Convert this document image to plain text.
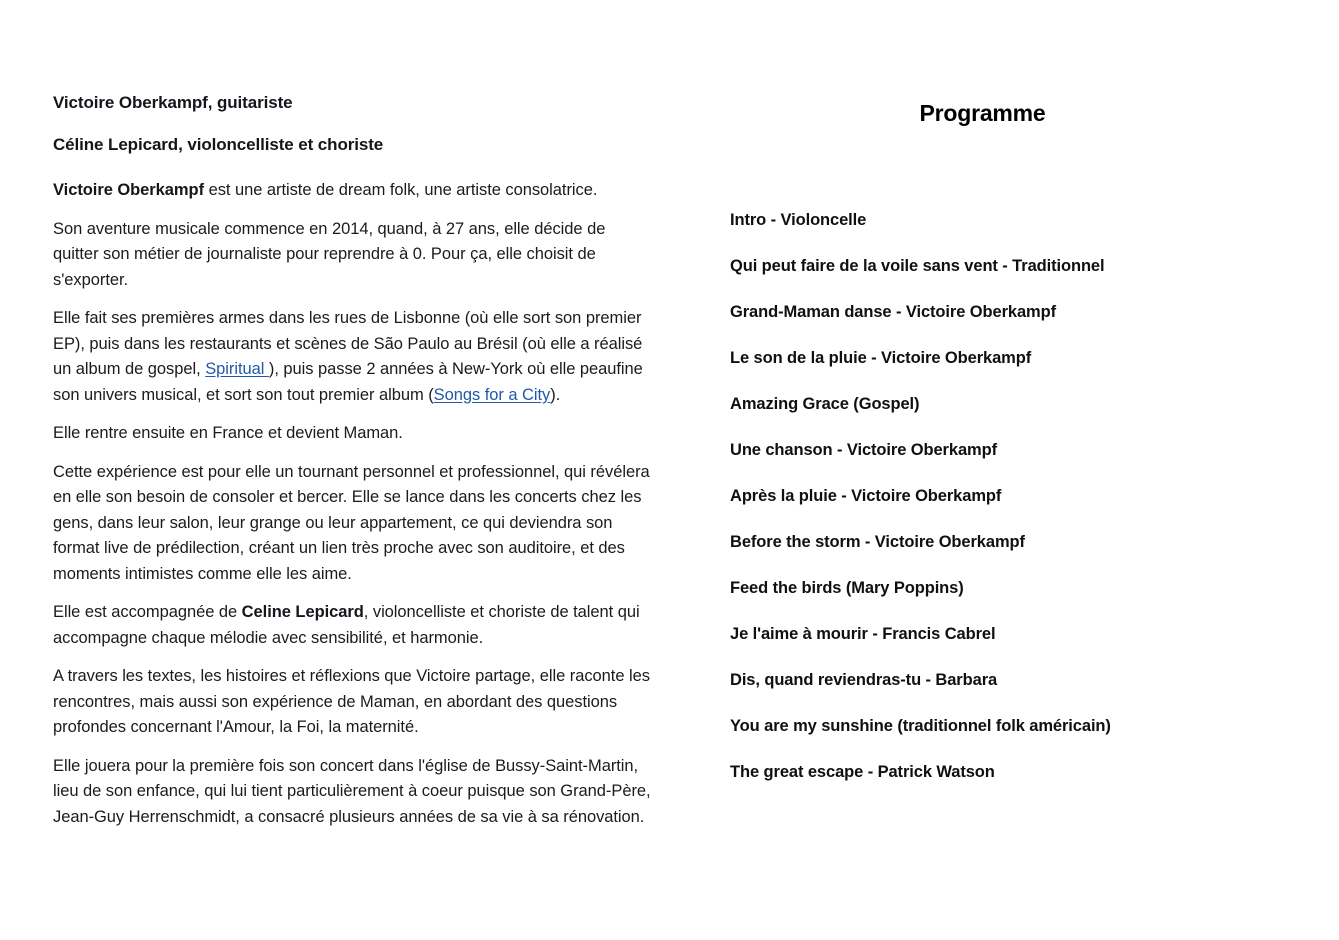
Victoire Oberkampf, guitariste
Céline Lepicard, violoncelliste et choriste

Victoire Oberkampf est une artiste de dream folk, une artiste consolatrice.

Son aventure musicale commence en 2014, quand, à 27 ans, elle décide de quitter son métier de journaliste pour reprendre à 0. Pour ça, elle choisit de s'exporter.

Elle fait ses premières armes dans les rues de Lisbonne (où elle sort son premier EP), puis dans les restaurants et scènes de São Paulo au Brésil (où elle a réalisé un album de gospel, Spiritual ), puis passe 2 années à New-York où elle peaufine son univers musical, et sort son tout premier album (Songs for a City).

Elle rentre ensuite en France et devient Maman.

Cette expérience est pour elle un tournant personnel et professionnel, qui révélera en elle son besoin de consoler et bercer. Elle se lance dans les concerts chez les gens, dans leur salon, leur grange ou leur appartement, ce qui deviendra son format live de prédilection, créant un lien très proche avec son auditoire, et des moments intimistes comme elle les aime.

Elle est accompagnée de Celine Lepicard, violoncelliste et choriste de talent qui accompagne chaque mélodie avec sensibilité, et harmonie.

A travers les textes, les histoires et réflexions que Victoire partage, elle raconte les rencontres, mais aussi son expérience de Maman, en abordant des questions profondes concernant l'Amour, la Foi, la maternité.

Elle jouera pour la première fois son concert dans l'église de Bussy-Saint-Martin, lieu de son enfance, qui lui tient particulièrement à coeur puisque son Grand-Père, Jean-Guy Herrenschmidt, a consacré plusieurs années de sa vie à sa rénovation.

Programme
Intro - Violoncelle
Qui peut faire de la voile sans vent - Traditionnel
Grand-Maman danse - Victoire Oberkampf
Le son de la pluie - Victoire Oberkampf
Amazing Grace (Gospel)
Une chanson - Victoire Oberkampf
Après la pluie - Victoire Oberkampf
Before the storm - Victoire Oberkampf
Feed the birds (Mary Poppins)
Je l'aime à mourir - Francis Cabrel
Dis, quand reviendras-tu - Barbara
You are my sunshine (traditionnel folk américain)
The great escape - Patrick Watson
